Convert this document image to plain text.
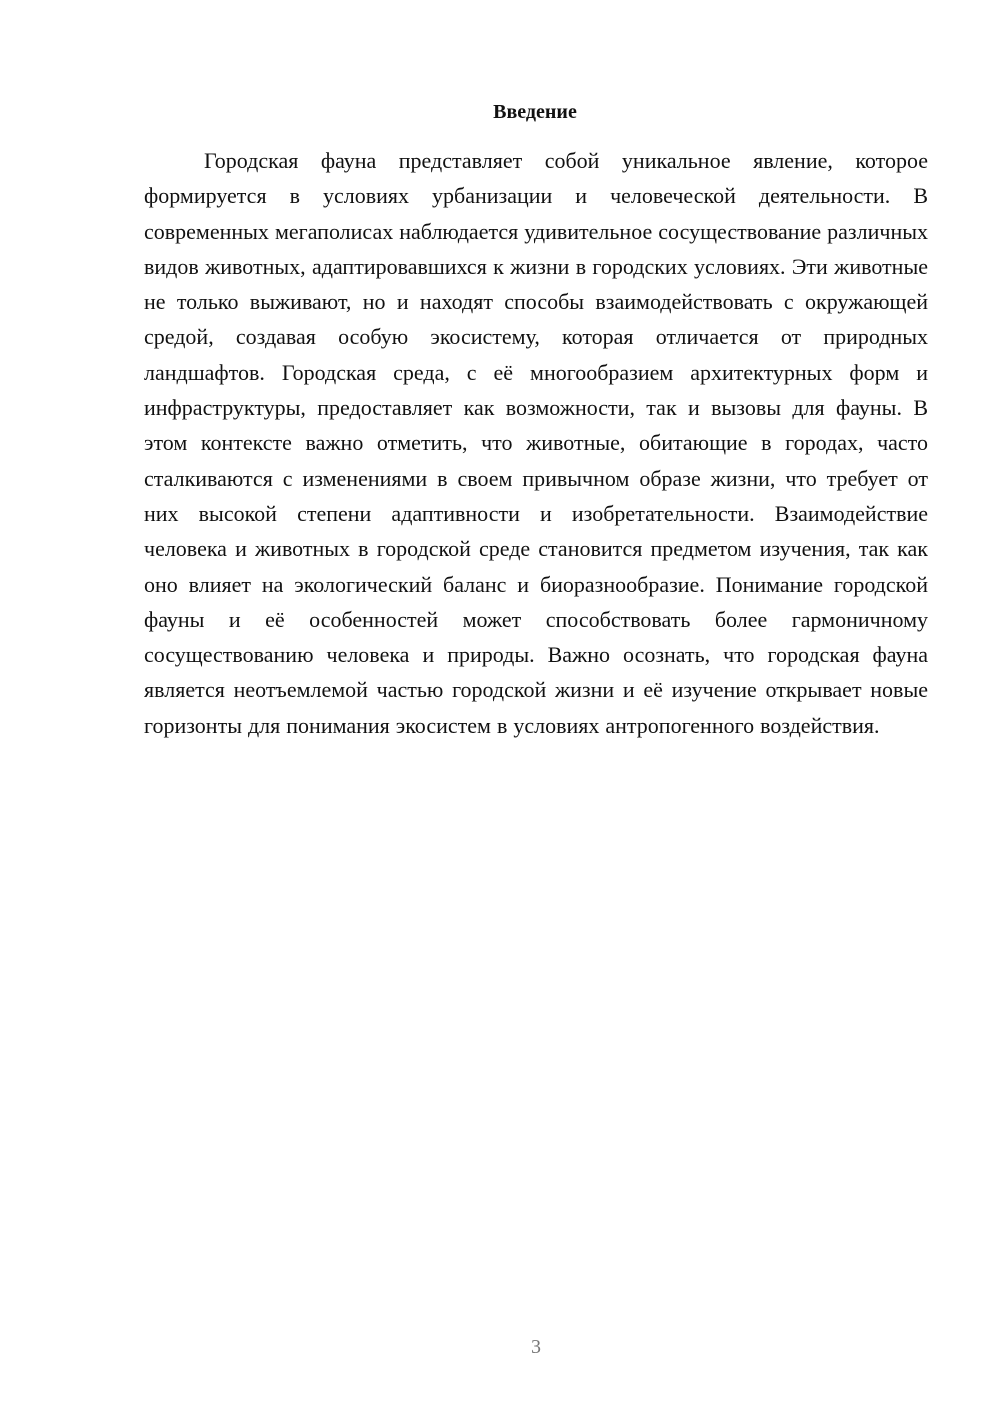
Введение

Городская фауна представляет собой уникальное явление, которое формируется в условиях урбанизации и человеческой деятельности. В современных мегаполисах наблюдается удивительное сосуществование различных видов животных, адаптировавшихся к жизни в городских условиях. Эти животные не только выживают, но и находят способы взаимодействовать с окружающей средой, создавая особую экосистему, которая отличается от природных ландшафтов. Городская среда, с её многообразием архитектурных форм и инфраструктуры, предоставляет как возможности, так и вызовы для фауны. В этом контексте важно отметить, что животные, обитающие в городах, часто сталкиваются с изменениями в своем привычном образе жизни, что требует от них высокой степени адаптивности и изобретательности. Взаимодействие человека и животных в городской среде становится предметом изучения, так как оно влияет на экологический баланс и биоразнообразие. Понимание городской фауны и её особенностей может способствовать более гармоничному сосуществованию человека и природы. Важно осознать, что городская фауна является неотъемлемой частью городской жизни и её изучение открывает новые горизонты для понимания экосистем в условиях антропогенного воздействия.

3
